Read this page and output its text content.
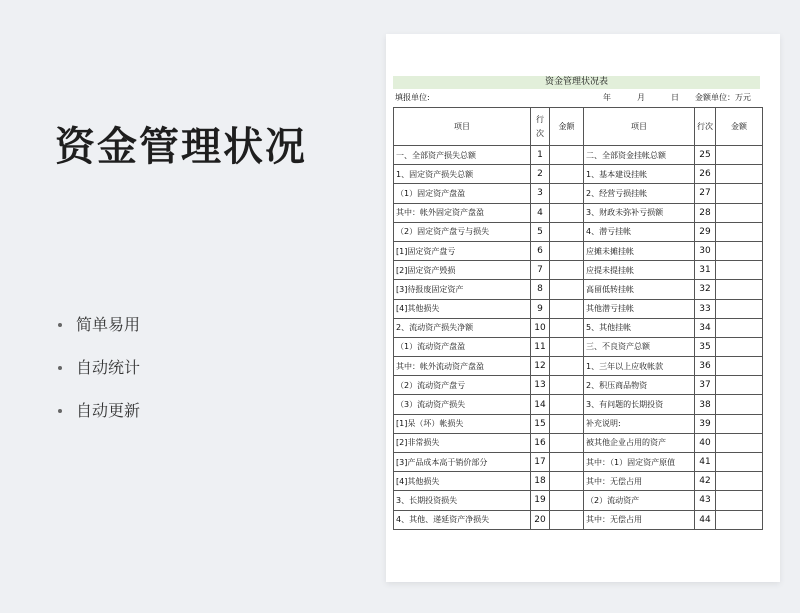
资金管理状况
简单易用
自动统计
自动更新
资金管理状况表
填报单位:	年	月	日 金额单位：万元
项目	行次	金额	项目	行次	金额
一、全部资产损失总额	1		二、全部资金挂帐总额	25	
1、固定资产损失总额	2		1、基本建设挂帐	26	
（1）固定资产盘盈	3		2、经营亏损挂帐	27	
其中：帐外固定资产盘盈	4		3、财政未弥补亏损额	28	
（2）固定资产盘亏与损失	5		4、潜亏挂帐	29	
[1]固定资产盘亏	6		应摊未摊挂帐	30	
[2]固定资产毁损	7		应提未提挂帐	31	
[3]待报废固定资产	8		高留低转挂帐	32	
[4]其他损失	9		其他潜亏挂帐	33	
2、流动资产损失净额	10		5、其他挂帐	34	
（1）流动资产盘盈	11		三、不良资产总额	35	
其中：帐外流动资产盘盈	12		1、三年以上应收帐款	36	
（2）流动资产盘亏	13		2、积压商品物资	37	
（3）流动资产损失	14		3、有问题的长期投资	38	
[1]呆（坏）帐损失	15		补充说明:	39	
[2]非常损失	16		被其他企业占用的资产	40	
[3]产品成本高于销价部分	17		其中：（1）固定资产原值	41	
[4]其他损失	18		其中：无偿占用	42	
3、长期投资损失	19		（2）流动资产	43	
4、其他、递延资产净损失	20		其中：无偿占用	44	
